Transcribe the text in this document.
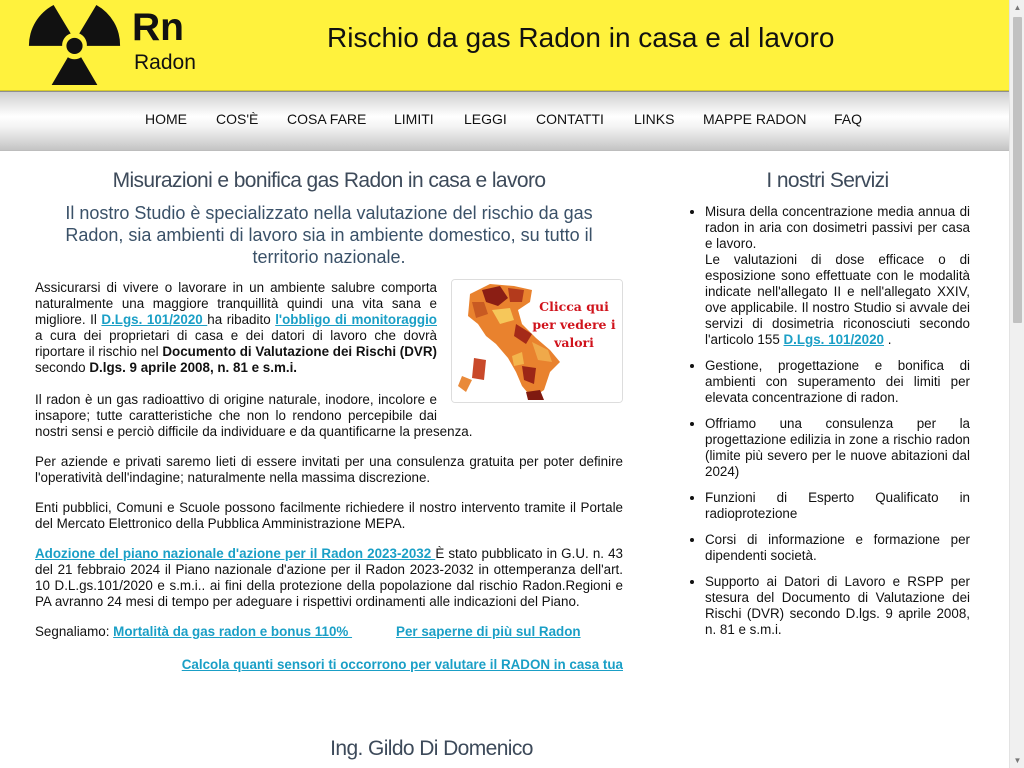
Rn
Radon
Rischio da gas Radon in casa e al lavoro
HOME COS'È COSA FARE LIMITI LEGGI CONTATTI LINKS MAPPE RADON FAQ
Misurazioni e bonifica gas Radon in casa e lavoro
Il nostro Studio è specializzato nella valutazione del rischio da gas Radon, sia ambienti di lavoro sia in ambiente domestico, su tutto il territorio nazionale.
Clicca qui per vedere i valori

Assicurarsi di vivere o lavorare in un ambiente salubre comporta naturalmente una maggiore tranquillità quindi una vita sana e migliore. Il D.Lgs. 101/2020 ha ribadito l'obbligo di monitoraggio a cura dei proprietari di casa e dei datori di lavoro che dovrà riportare il rischio nel Documento di Valutazione dei Rischi (DVR) secondo D.lgs. 9 aprile 2008, n. 81 e s.m.i.

Il radon è un gas radioattivo di origine naturale, inodore, incolore e insapore; tutte caratteristiche che non lo rendono percepibile dai nostri sensi e perciò difficile da individuare e da quantificarne la presenza.

Per aziende e privati saremo lieti di essere invitati per una consulenza gratuita per poter definire l'operatività dell'indagine; naturalmente nella massima discrezione.

Enti pubblici, Comuni e Scuole possono facilmente richiedere il nostro intervento tramite il Portale del Mercato Elettronico della Pubblica Amministrazione MEPA.

Adozione del piano nazionale d'azione per il Radon 2023-2032 È stato pubblicato in G.U. n. 43 del 21 febbraio 2024 il Piano nazionale d'azione per il Radon 2023-2032 in ottemperanza dell'art. 10 D.L.gs.101/2020 e s.m.i.. ai fini della protezione della popolazione dal rischio Radon.Regioni e PA avranno 24 mesi di tempo per adeguare i rispettivi ordinamenti alle indicazioni del Piano.

Segnaliamo: Mortalità da gas radon e bonus 110%	Per saperne di più sul Radon

Calcola quanti sensori ti occorrono per valutare il RADON in casa tua

I nostri Servizi
• Misura della concentrazione media annua di radon in aria con dosimetri passivi per casa e lavoro.
Le valutazioni di dose efficace o di esposizione sono effettuate con le modalità indicate nell'allegato II e nell'allegato XXIV, ove applicabile. Il nostro Studio si avvale dei servizi di dosimetria riconosciuti secondo l'articolo 155 D.Lgs. 101/2020 .
• Gestione, progettazione e bonifica di ambienti con superamento dei limiti per elevata concentrazione di radon.
• Offriamo una consulenza per la progettazione edilizia in zone a rischio radon (limite più severo per le nuove abitazioni dal 2024)
• Funzioni di Esperto Qualificato in radioprotezione
• Corsi di informazione e formazione per dipendenti società.
• Supporto ai Datori di Lavoro e RSPP per stesura del Documento di Valutazione dei Rischi (DVR) secondo D.lgs. 9 aprile 2008, n. 81 e s.m.i.
Ing. Gildo Di Domenico
▲
▼
